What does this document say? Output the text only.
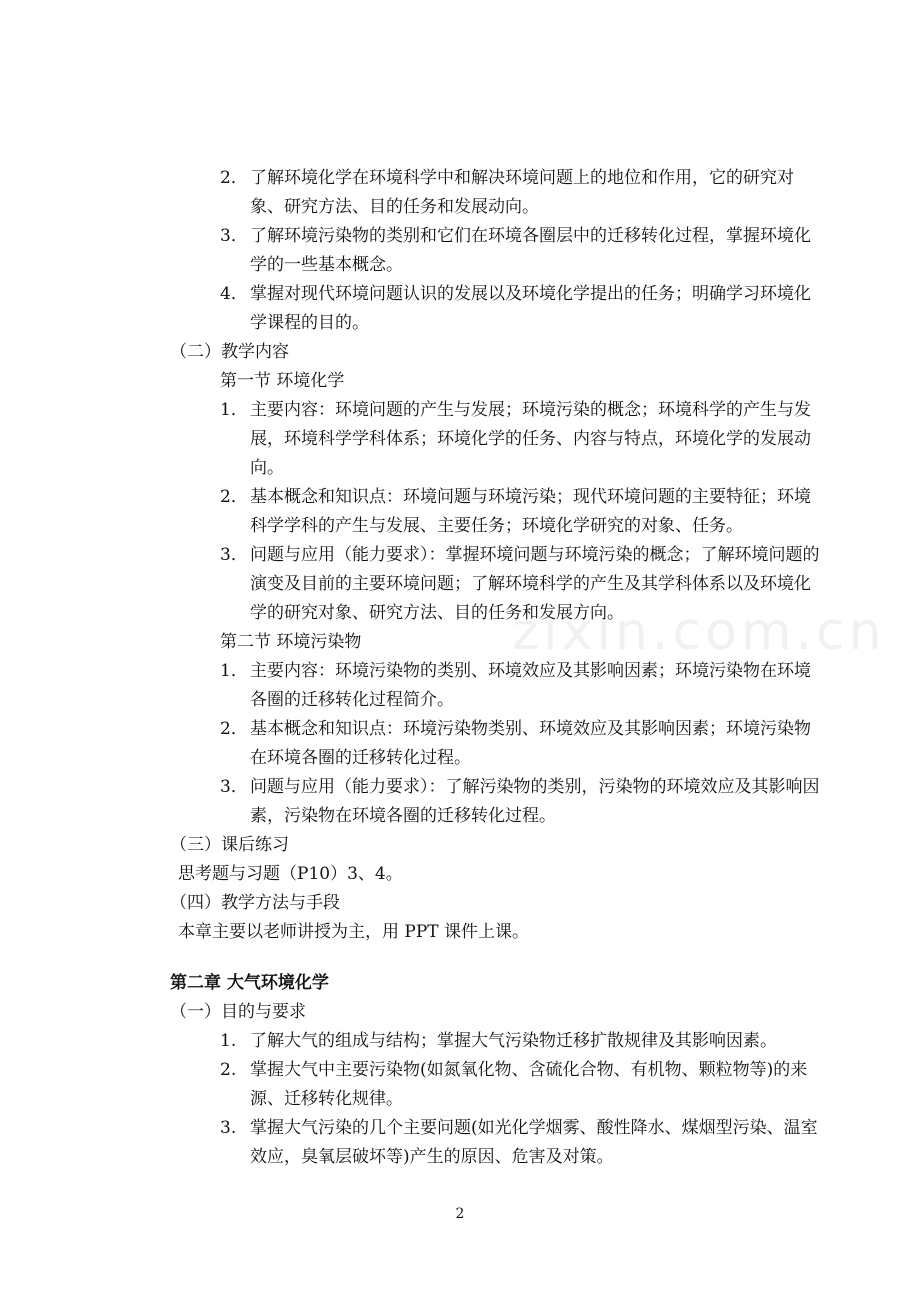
zixin.com.cn
2． 了解环境化学在环境科学中和解决环境问题上的地位和作用，它的研究对象、研究方法、目的任务和发展动向。
3． 了解环境污染物的类别和它们在环境各圈层中的迁移转化过程，掌握环境化学的一些基本概念。
4． 掌握对现代环境问题认识的发展以及环境化学提出的任务；明确学习环境化学课程的目的。
（二）教学内容
第一节 环境化学
1． 主要内容：环境问题的产生与发展；环境污染的概念；环境科学的产生与发展，环境科学学科体系；环境化学的任务、内容与特点，环境化学的发展动向。
2． 基本概念和知识点：环境问题与环境污染；现代环境问题的主要特征；环境科学学科的产生与发展、主要任务；环境化学研究的对象、任务。
3． 问题与应用（能力要求）：掌握环境问题与环境污染的概念；了解环境问题的演变及目前的主要环境问题；了解环境科学的产生及其学科体系以及环境化学的研究对象、研究方法、目的任务和发展方向。
第二节 环境污染物
1． 主要内容：环境污染物的类别、环境效应及其影响因素；环境污染物在环境各圈的迁移转化过程简介。
2． 基本概念和知识点：环境污染物类别、环境效应及其影响因素；环境污染物在环境各圈的迁移转化过程。
3． 问题与应用（能力要求）：了解污染物的类别，污染物的环境效应及其影响因素，污染物在环境各圈的迁移转化过程。
（三）课后练习
思考题与习题（P10）3、4。
（四）教学方法与手段
本章主要以老师讲授为主，用 PPT 课件上课。
第二章 大气环境化学
（一）目的与要求
1. 了解大气的组成与结构；掌握大气污染物迁移扩散规律及其影响因素。
2. 掌握大气中主要污染物(如氮氧化物、含硫化合物、有机物、颗粒物等)的来源、迁移转化规律。
3. 掌握大气污染的几个主要问题(如光化学烟雾、酸性降水、煤烟型污染、温室效应，臭氧层破坏等)产生的原因、危害及对策。
2
